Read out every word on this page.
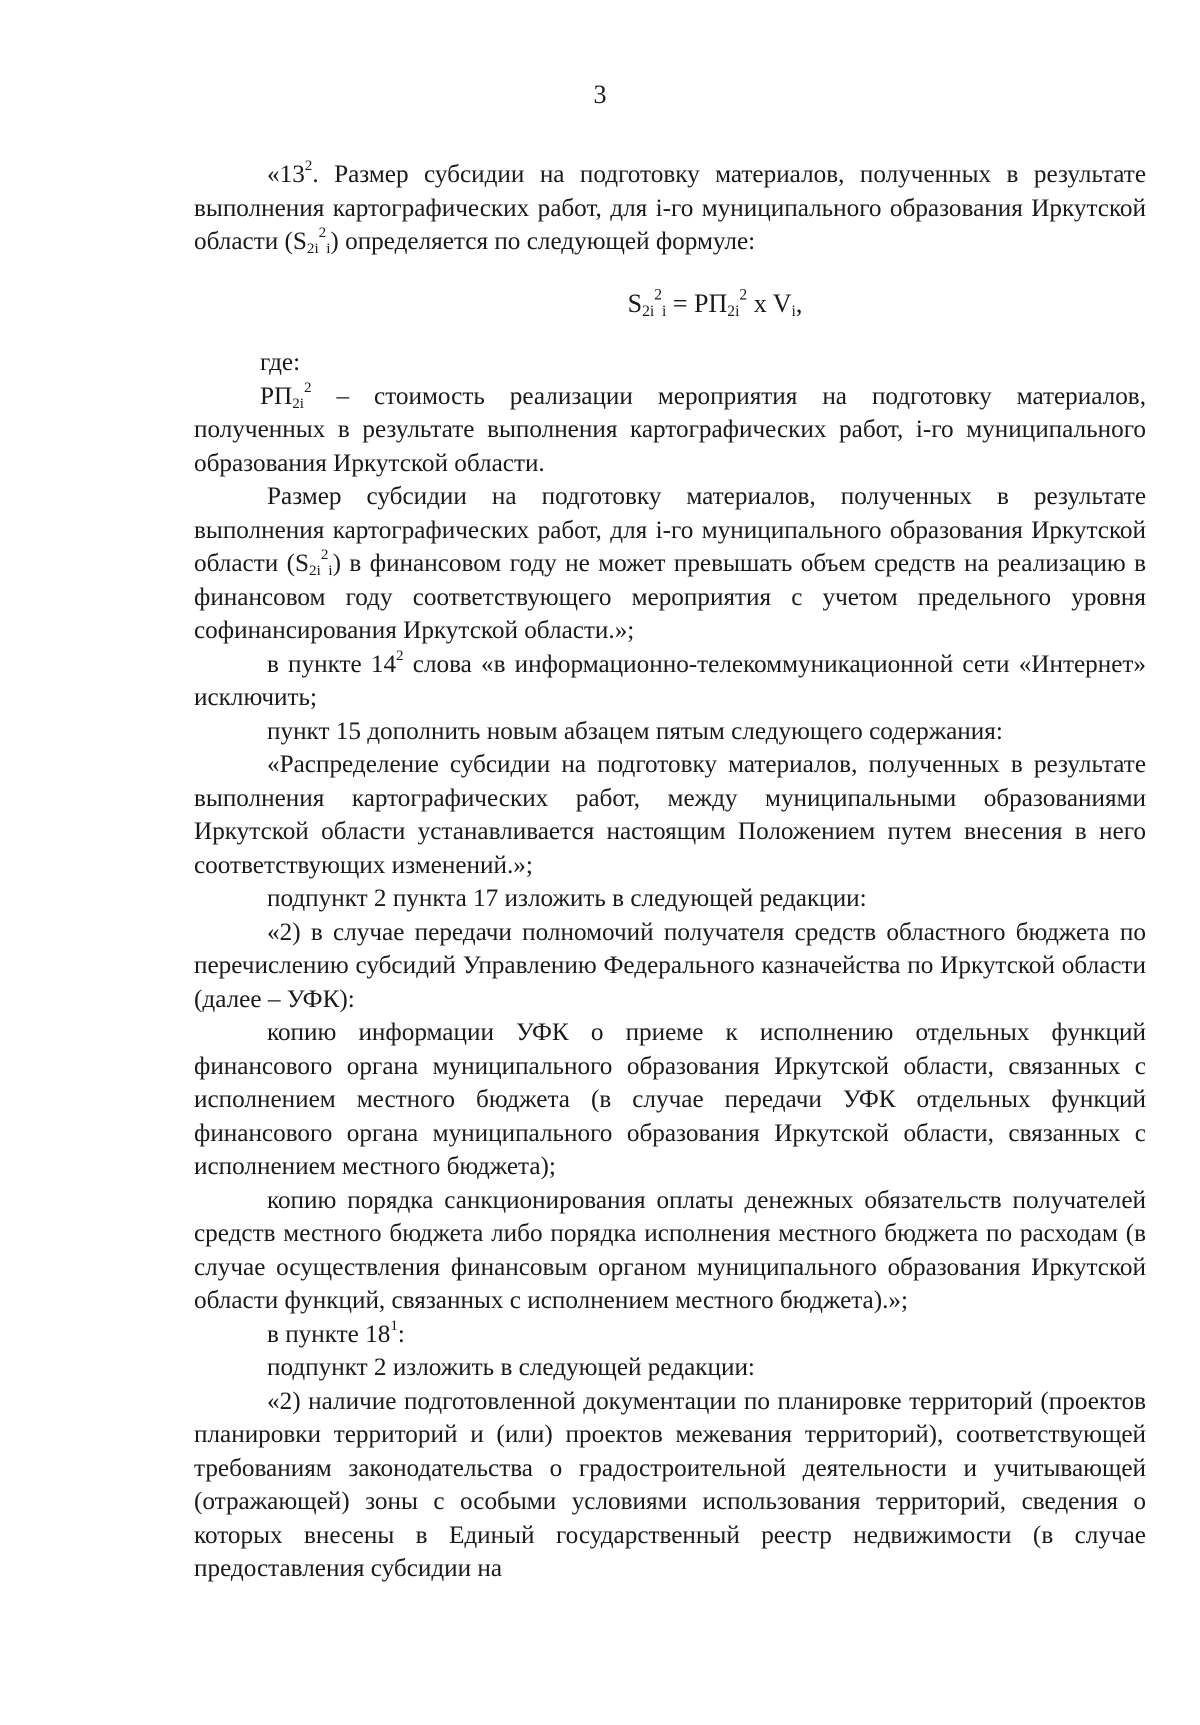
3

«$13^2$. Размер субсидии на подготовку материалов, полученных в результате выполнения картографических работ, для i-го муниципального образования Иркутской области $(S_{2i}^2_i)$ определяется по следующей формуле:

$S_{2i}^2_i = РП_{2i}^2$ x $V_i$,

где:

$РП_{2i}^2$ – стоимость реализации мероприятия на подготовку материалов, полученных в результате выполнения картографических работ, i-го муниципального образования Иркутской области.

Размер субсидии на подготовку материалов, полученных в результате выполнения картографических работ, для i-го муниципального образования Иркутской области $(S_{2i}^2_i)$ в финансовом году не может превышать объем средств на реализацию в финансовом году соответствующего мероприятия с учетом предельного уровня софинансирования Иркутской области.»;

в пункте $14^2$ слова «в информационно-телекоммуникационной сети «Интернет» исключить;

пункт 15 дополнить новым абзацем пятым следующего содержания:

«Распределение субсидии на подготовку материалов, полученных в результате выполнения картографических работ, между муниципальными образованиями Иркутской области устанавливается настоящим Положением путем внесения в него соответствующих изменений.»;

подпункт 2 пункта 17 изложить в следующей редакции:

«2) в случае передачи полномочий получателя средств областного бюджета по перечислению субсидий Управлению Федерального казначейства по Иркутской области (далее – УФК):

копию информации УФК о приеме к исполнению отдельных функций финансового органа муниципального образования Иркутской области, связанных с исполнением местного бюджета (в случае передачи УФК отдельных функций финансового органа муниципального образования Иркутской области, связанных с исполнением местного бюджета);

копию порядка санкционирования оплаты денежных обязательств получателей средств местного бюджета либо порядка исполнения местного бюджета по расходам (в случае осуществления финансовым органом муниципального образования Иркутской области функций, связанных с исполнением местного бюджета).»;

в пункте $18^1$:

подпункт 2 изложить в следующей редакции:

«2) наличие подготовленной документации по планировке территорий (проектов планировки территорий и (или) проектов межевания территорий), соответствующей требованиям законодательства о градостроительной деятельности и учитывающей (отражающей) зоны с особыми условиями использования территорий, сведения о которых внесены в Единый государственный реестр недвижимости (в случае предоставления субсидии на
